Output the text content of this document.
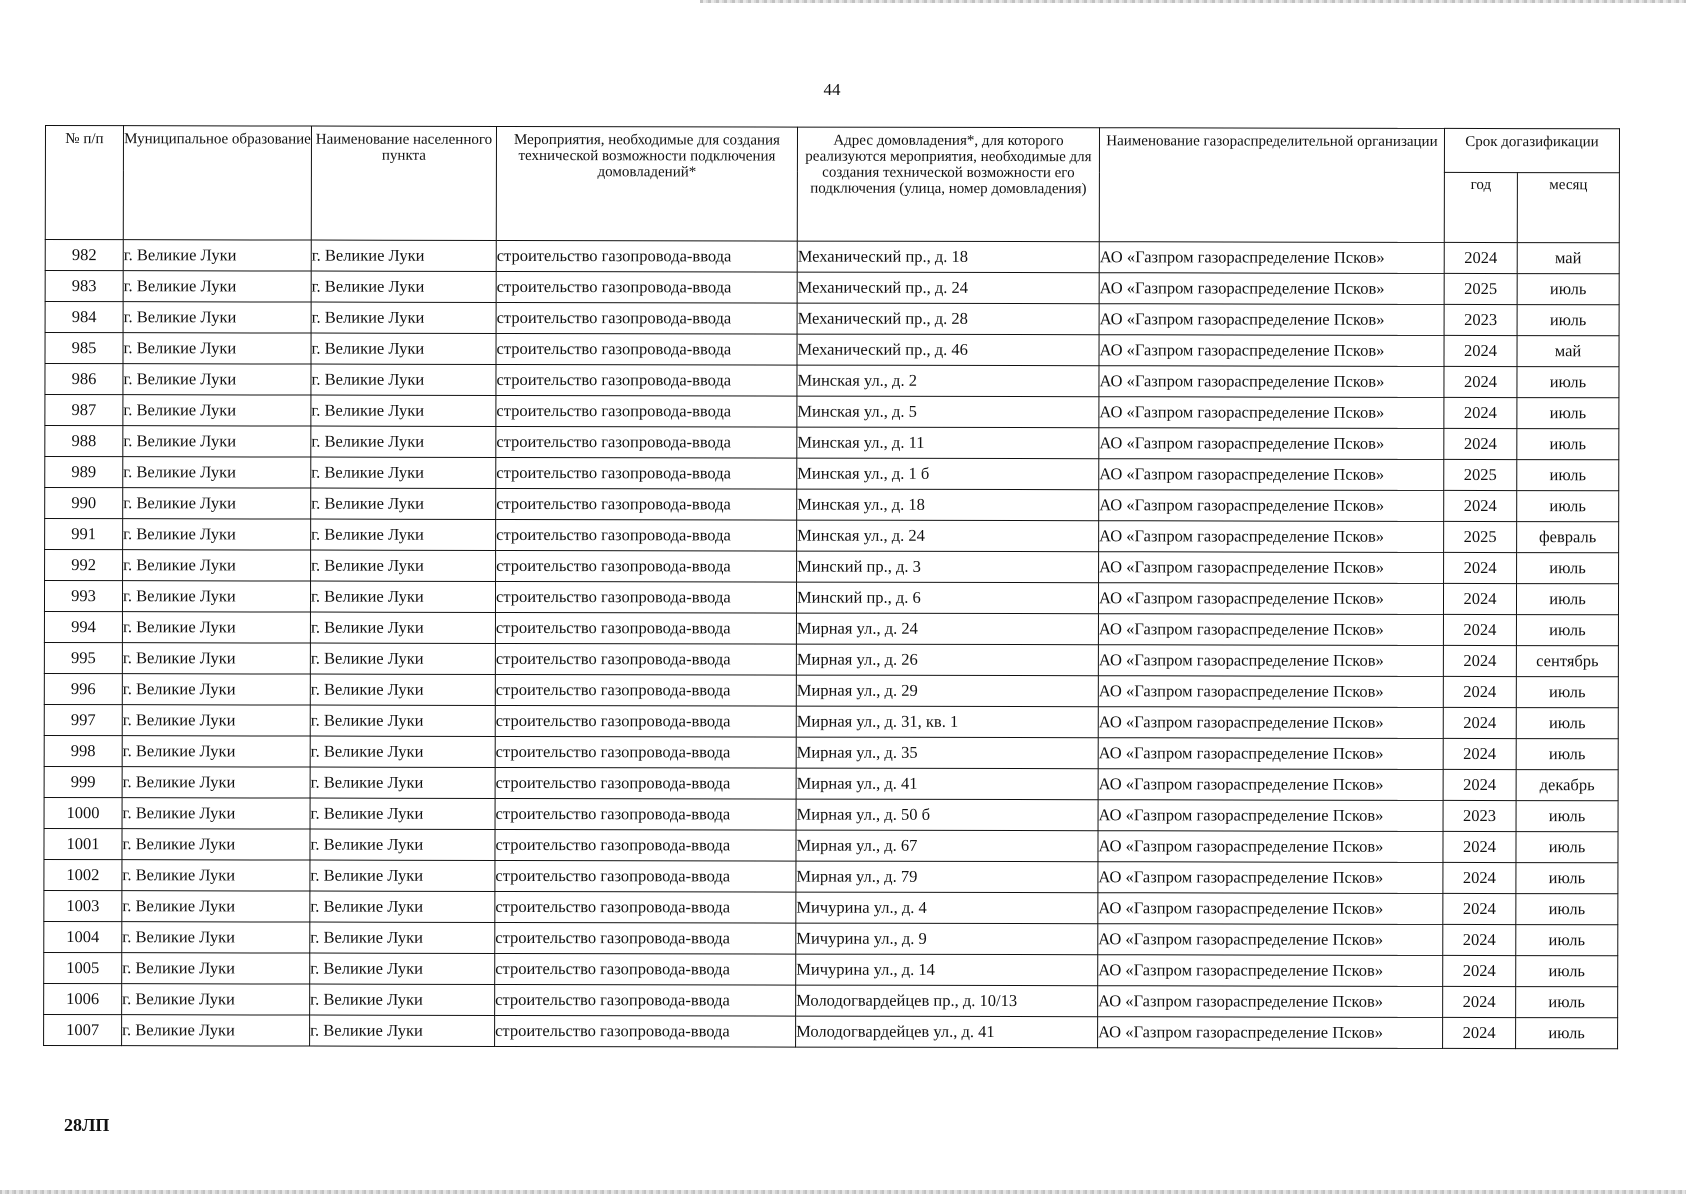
44
№ п/п	Муниципальное образование	Наименование населенного пункта	Мероприятия, необходимые для создания технической возможности подключения домовладений*	Адрес домовладения*, для которого реализуются мероприятия, необходимые для создания технической возможности его подключения (улица, номер домовладения)	Наименование газораспределительной организации	Срок догазификации	
						год	месяц
982	г. Великие Луки	г. Великие Луки	строительство газопровода-ввода	Механический пр., д. 18	АО «Газпром газораспределение Псков»	2024	май
983	г. Великие Луки	г. Великие Луки	строительство газопровода-ввода	Механический пр., д. 24	АО «Газпром газораспределение Псков»	2025	июль
984	г. Великие Луки	г. Великие Луки	строительство газопровода-ввода	Механический пр., д. 28	АО «Газпром газораспределение Псков»	2023	июль
985	г. Великие Луки	г. Великие Луки	строительство газопровода-ввода	Механический пр., д. 46	АО «Газпром газораспределение Псков»	2024	май
986	г. Великие Луки	г. Великие Луки	строительство газопровода-ввода	Минская ул., д. 2	АО «Газпром газораспределение Псков»	2024	июль
987	г. Великие Луки	г. Великие Луки	строительство газопровода-ввода	Минская ул., д. 5	АО «Газпром газораспределение Псков»	2024	июль
988	г. Великие Луки	г. Великие Луки	строительство газопровода-ввода	Минская ул., д. 11	АО «Газпром газораспределение Псков»	2024	июль
989	г. Великие Луки	г. Великие Луки	строительство газопровода-ввода	Минская ул., д. 1 б	АО «Газпром газораспределение Псков»	2025	июль
990	г. Великие Луки	г. Великие Луки	строительство газопровода-ввода	Минская ул., д. 18	АО «Газпром газораспределение Псков»	2024	июль
991	г. Великие Луки	г. Великие Луки	строительство газопровода-ввода	Минская ул., д. 24	АО «Газпром газораспределение Псков»	2025	февраль
992	г. Великие Луки	г. Великие Луки	строительство газопровода-ввода	Минский пр., д. 3	АО «Газпром газораспределение Псков»	2024	июль
993	г. Великие Луки	г. Великие Луки	строительство газопровода-ввода	Минский пр., д. 6	АО «Газпром газораспределение Псков»	2024	июль
994	г. Великие Луки	г. Великие Луки	строительство газопровода-ввода	Мирная ул., д. 24	АО «Газпром газораспределение Псков»	2024	июль
995	г. Великие Луки	г. Великие Луки	строительство газопровода-ввода	Мирная ул., д. 26	АО «Газпром газораспределение Псков»	2024	сентябрь
996	г. Великие Луки	г. Великие Луки	строительство газопровода-ввода	Мирная ул., д. 29	АО «Газпром газораспределение Псков»	2024	июль
997	г. Великие Луки	г. Великие Луки	строительство газопровода-ввода	Мирная ул., д. 31, кв. 1	АО «Газпром газораспределение Псков»	2024	июль
998	г. Великие Луки	г. Великие Луки	строительство газопровода-ввода	Мирная ул., д. 35	АО «Газпром газораспределение Псков»	2024	июль
999	г. Великие Луки	г. Великие Луки	строительство газопровода-ввода	Мирная ул., д. 41	АО «Газпром газораспределение Псков»	2024	декабрь
1000	г. Великие Луки	г. Великие Луки	строительство газопровода-ввода	Мирная ул., д. 50 б	АО «Газпром газораспределение Псков»	2023	июль
1001	г. Великие Луки	г. Великие Луки	строительство газопровода-ввода	Мирная ул., д. 67	АО «Газпром газораспределение Псков»	2024	июль
1002	г. Великие Луки	г. Великие Луки	строительство газопровода-ввода	Мирная ул., д. 79	АО «Газпром газораспределение Псков»	2024	июль
1003	г. Великие Луки	г. Великие Луки	строительство газопровода-ввода	Мичурина ул., д. 4	АО «Газпром газораспределение Псков»	2024	июль
1004	г. Великие Луки	г. Великие Луки	строительство газопровода-ввода	Мичурина ул., д. 9	АО «Газпром газораспределение Псков»	2024	июль
1005	г. Великие Луки	г. Великие Луки	строительство газопровода-ввода	Мичурина ул., д. 14	АО «Газпром газораспределение Псков»	2024	июль
1006	г. Великие Луки	г. Великие Луки	строительство газопровода-ввода	Молодогвардейцев пр., д. 10/13	АО «Газпром газораспределение Псков»	2024	июль
1007	г. Великие Луки	г. Великие Луки	строительство газопровода-ввода	Молодогвардейцев ул., д. 41	АО «Газпром газораспределение Псков»	2024	июль
28ЛП
